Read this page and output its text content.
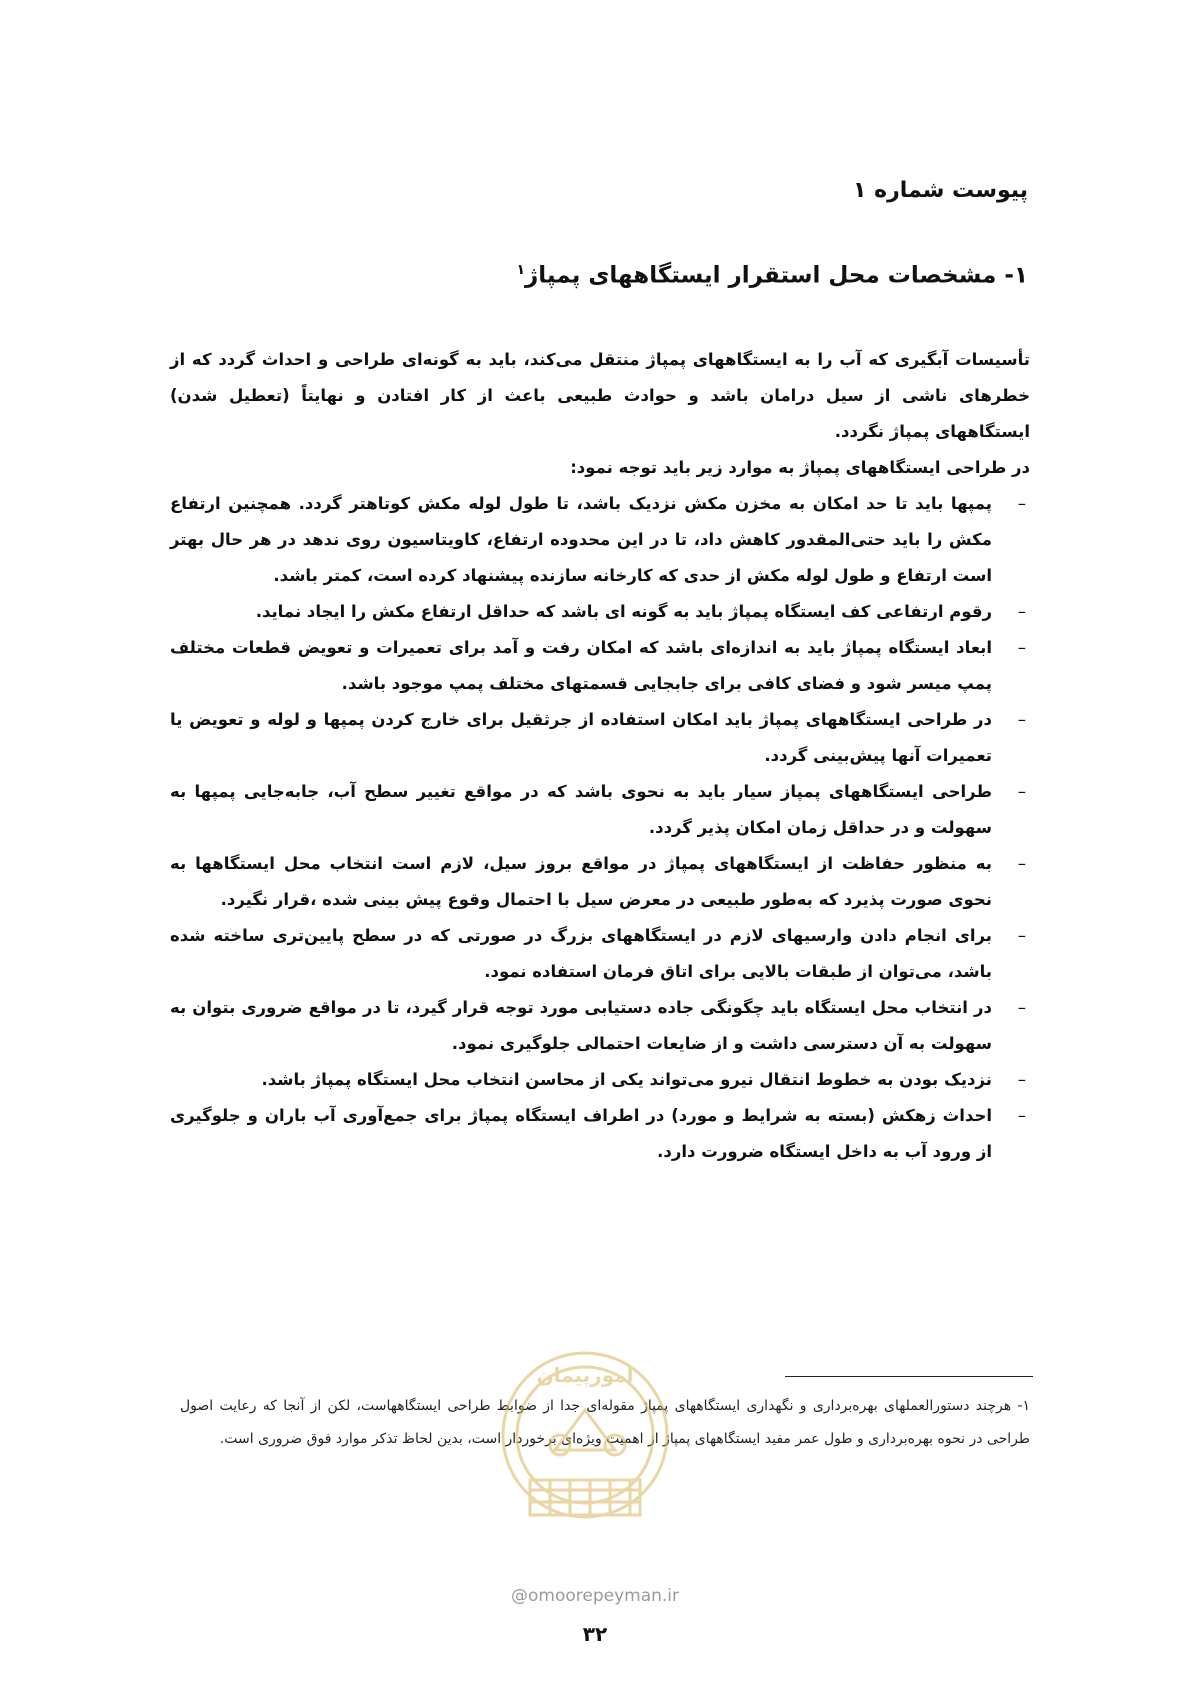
پیوست شماره ۱
۱- مشخصات محل استقرار ایستگاههای پمپاژ$^۱$

تأسیسات آبگیری که آب را به ایستگاههای پمپاژ منتقل می‌کند، باید به گونه‌ای طراحی و احداث گردد که از خطرهای ناشی از سیل درامان باشد و حوادث طبیعی باعث از کار افتادن و نهایتاً (تعطیل شدن) ایستگاههای پمپاژ نگردد.

در طراحی ایستگاههای پمپاژ به موارد زیر باید توجه نمود:

–
پمپها باید تا حد امکان به مخزن مکش نزدیک باشد، تا طول لوله مکش کوتاهتر گردد. همچنین ارتفاع مکش را باید حتی‌المقدور کاهش داد، تا در این محدوده ارتفاع، کاویتاسیون روی ندهد در هر حال بهتر است ارتفاع و طول لوله مکش از حدی که کارخانه سازنده پیشنهاد کرده است، کمتر باشد.
–
رقوم ارتفاعی کف ایستگاه پمپاژ باید به گونه ای باشد که حداقل ارتفاع مکش را ایجاد نماید.
–
ابعاد ایستگاه پمپاژ باید به اندازه‌ای باشد که امکان رفت و آمد برای تعمیرات و تعویض قطعات مختلف پمپ میسر شود و فضای کافی برای جابجایی قسمتهای مختلف پمپ موجود باشد.
–
در طراحی ایستگاههای پمپاژ باید امکان استفاده از جرثقیل برای خارج کردن پمپها و لوله و تعویض یا تعمیرات آنها پیش‌بینی گردد.
–
طراحی ایستگاههای پمپاز سیار باید به نحوی باشد که در مواقع تغییر سطح آب، جابه‌جایی پمپها به سهولت و در حداقل زمان امکان پذیر گردد.
–
به منظور حفاظت از ایستگاههای پمپاژ در مواقع بروز سیل، لازم است انتخاب محل ایستگاهها به نحوی صورت پذیرد که به‌طور طبیعی در معرض سیل با احتمال وقوع پیش بینی شده ،قرار نگیرد.
–
برای انجام دادن وارسیهای لازم در ایستگاههای بزرگ در صورتی که در سطح پایین‌تری ساخته شده باشد، می‌توان از طبقات بالایی برای اتاق فرمان استفاده نمود.
–
در انتخاب محل ایستگاه باید چگونگی جاده دستیابی مورد توجه قرار گیرد، تا در مواقع ضروری بتوان به سهولت به آن دسترسی داشت و از ضایعات احتمالی جلوگیری نمود.
–
نزدیک بودن به خطوط انتقال نیرو می‌تواند یکی از محاسن انتخاب محل ایستگاه پمپاژ باشد.
–
احداث زهکش (بسته به شرایط و مورد) در اطراف ایستگاه پمپاژ برای جمع‌آوری آب باران و جلوگیری از ورود آب به داخل ایستگاه ضرورت دارد.
۱- هرچند دستورالعملهای بهره‌برداری و نگهداری ایستگاههای پمپاژ مقوله‌ای جدا از ضوابط طراحی ایستگاههاست، لکن از آنجا که رعایت اصول طراحی در نحوه بهره‌برداری و طول عمر مفید ایستگاههای پمپاژ از اهمیت ویژه‌ای برخوردار است، بدین لحاظ تذکر موارد فوق ضروری است.
امورپیمان
@omoorepeyman.ir
۳۲
